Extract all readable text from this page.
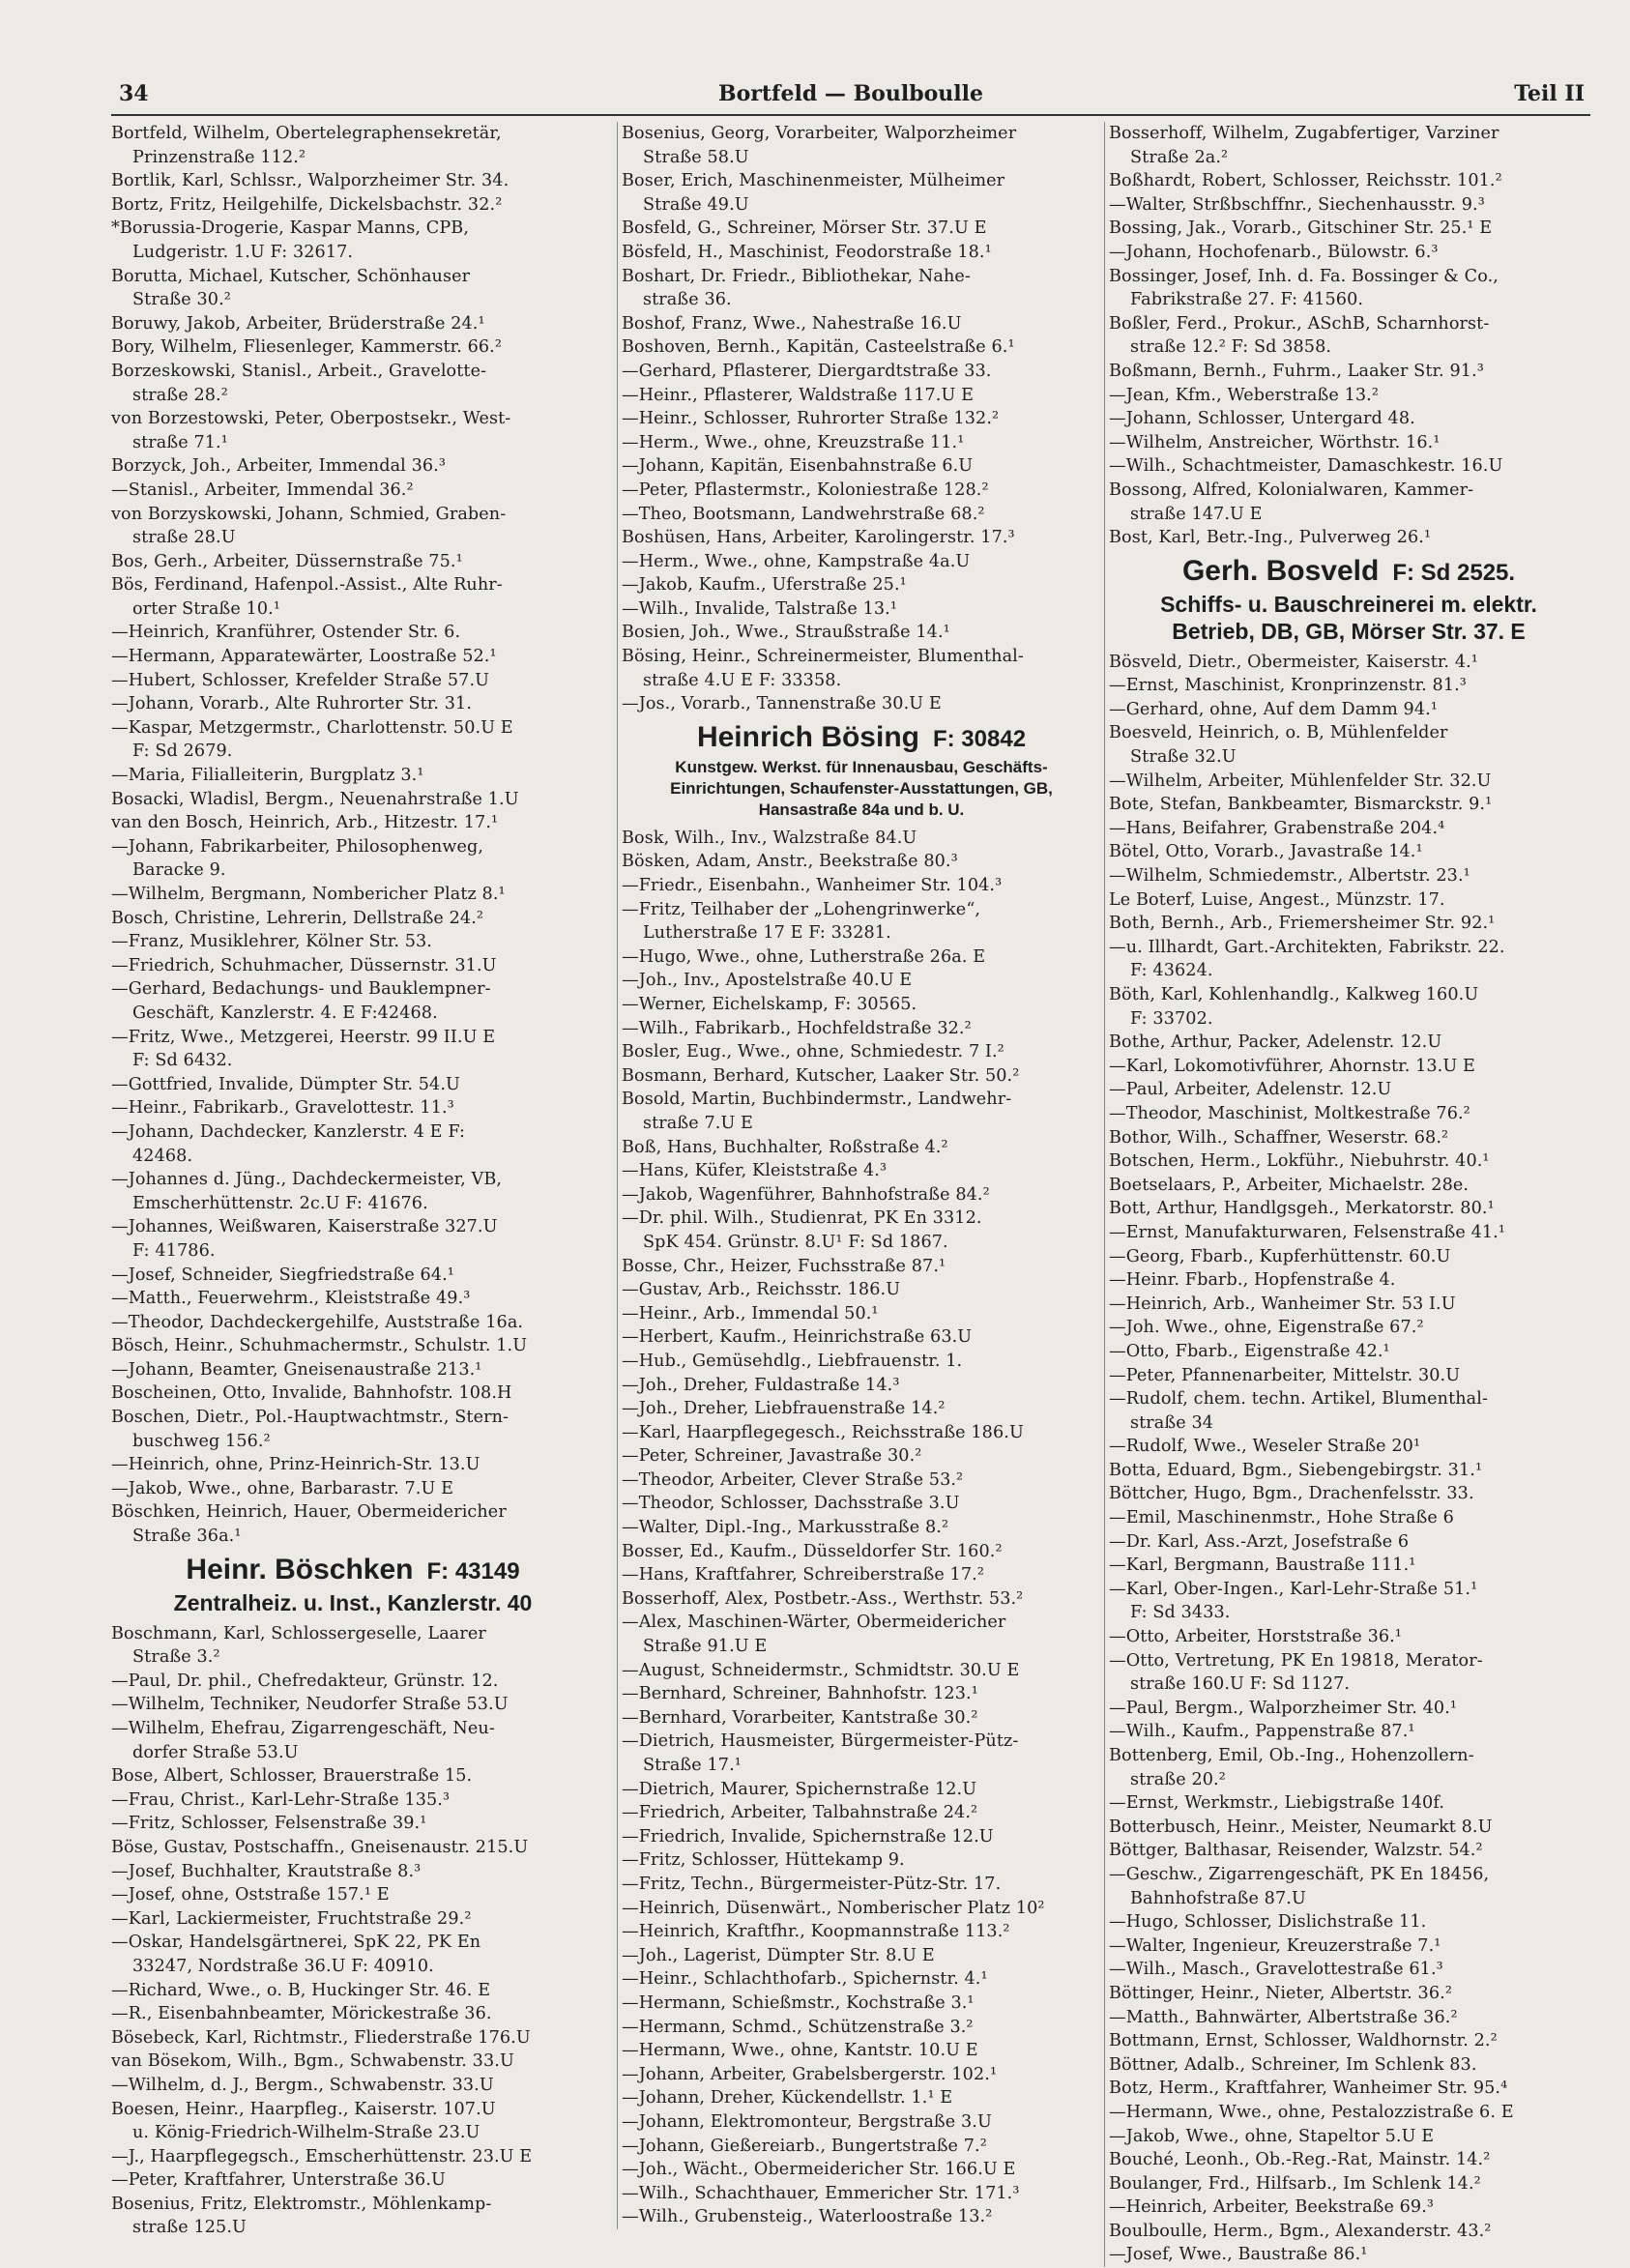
34	Bortfeld — Boulboulle	Teil II
Bortfeld, Wilhelm, Obertelegraphensekretär,
Prinzenstraße 112.²
Bortlik, Karl, Schlssr., Walporzheimer Str. 34.
Bortz, Fritz, Heilgehilfe, Dickelsbachstr. 32.²
*Borussia-Drogerie, Kaspar Manns, CPB,
Ludgeristr. 1.U F: 32617.
Borutta, Michael, Kutscher, Schönhauser
Straße 30.²
Boruwy, Jakob, Arbeiter, Brüderstraße 24.¹
Bory, Wilhelm, Fliesenleger, Kammerstr. 66.²
Borzeskowski, Stanisl., Arbeit., Gravelotte-
straße 28.²
von Borzestowski, Peter, Oberpostsekr., West-
straße 71.¹
Borzyck, Joh., Arbeiter, Immendal 36.³
—Stanisl., Arbeiter, Immendal 36.²
von Borzyskowski, Johann, Schmied, Graben-
straße 28.U
Bos, Gerh., Arbeiter, Düssernstraße 75.¹
Bös, Ferdinand, Hafenpol.-Assist., Alte Ruhr-
orter Straße 10.¹
—Heinrich, Kranführer, Ostender Str. 6.
—Hermann, Apparatewärter, Loostraße 52.¹
—Hubert, Schlosser, Krefelder Straße 57.U
—Johann, Vorarb., Alte Ruhrorter Str. 31.
—Kaspar, Metzgermstr., Charlottenstr. 50.U E
F: Sd 2679.
—Maria, Filialleiterin, Burgplatz 3.¹
Bosacki, Wladisl, Bergm., Neuenahrstraße 1.U
van den Bosch, Heinrich, Arb., Hitzestr. 17.¹
—Johann, Fabrikarbeiter, Philosophenweg,
Baracke 9.
—Wilhelm, Bergmann, Nombericher Platz 8.¹
Bosch, Christine, Lehrerin, Dellstraße 24.²
—Franz, Musiklehrer, Kölner Str. 53.
—Friedrich, Schuhmacher, Düssernstr. 31.U
—Gerhard, Bedachungs- und Bauklempner-
Geschäft, Kanzlerstr. 4. E F:42468.
—Fritz, Wwe., Metzgerei, Heerstr. 99 II.U E
F: Sd 6432.
—Gottfried, Invalide, Dümpter Str. 54.U
—Heinr., Fabrikarb., Gravelottestr. 11.³
—Johann, Dachdecker, Kanzlerstr. 4 E F:
42468.
—Johannes d. Jüng., Dachdeckermeister, VB,
Emscherhüttenstr. 2c.U F: 41676.
—Johannes, Weißwaren, Kaiserstraße 327.U
F: 41786.
—Josef, Schneider, Siegfriedstraße 64.¹
—Matth., Feuerwehrm., Kleiststraße 49.³
—Theodor, Dachdeckergehilfe, Auststraße 16a.
Bösch, Heinr., Schuhmachermstr., Schulstr. 1.U
—Johann, Beamter, Gneisenaustraße 213.¹
Boscheinen, Otto, Invalide, Bahnhofstr. 108.H
Boschen, Dietr., Pol.-Hauptwachtmstr., Stern-
buschweg 156.²
—Heinrich, ohne, Prinz-Heinrich-Str. 13.U
—Jakob, Wwe., ohne, Barbarastr. 7.U E
Böschken, Heinrich, Hauer, Obermeidericher
Straße 36a.¹
Heinr. Böschken F: 43149
Zentralheiz. u. Inst., Kanzlerstr. 40
Boschmann, Karl, Schlossergeselle, Laarer
Straße 3.²
—Paul, Dr. phil., Chefredakteur, Grünstr. 12.
—Wilhelm, Techniker, Neudorfer Straße 53.U
—Wilhelm, Ehefrau, Zigarrengeschäft, Neu-
dorfer Straße 53.U
Bose, Albert, Schlosser, Brauerstraße 15.
—Frau, Christ., Karl-Lehr-Straße 135.³
—Fritz, Schlosser, Felsenstraße 39.¹
Böse, Gustav, Postschaffn., Gneisenaustr. 215.U
—Josef, Buchhalter, Krautstraße 8.³
—Josef, ohne, Oststraße 157.¹ E
—Karl, Lackiermeister, Fruchtstraße 29.²
—Oskar, Handelsgärtnerei, SpK 22, PK En
33247, Nordstraße 36.U F: 40910.
—Richard, Wwe., o. B, Huckinger Str. 46. E
—R., Eisenbahnbeamter, Mörickestraße 36.
Bösebeck, Karl, Richtmstr., Fliederstraße 176.U
van Bösekom, Wilh., Bgm., Schwabenstr. 33.U
—Wilhelm, d. J., Bergm., Schwabenstr. 33.U
Boesen, Heinr., Haarpfleg., Kaiserstr. 107.U
u. König-Friedrich-Wilhelm-Straße 23.U
—J., Haarpflegegsch., Emscherhüttenstr. 23.U E
—Peter, Kraftfahrer, Unterstraße 36.U
Bosenius, Fritz, Elektromstr., Möhlenkamp-
straße 125.U
Bosenius, Georg, Vorarbeiter, Walporzheimer
Straße 58.U
Boser, Erich, Maschinenmeister, Mülheimer
Straße 49.U
Bosfeld, G., Schreiner, Mörser Str. 37.U E
Bösfeld, H., Maschinist, Feodorstraße 18.¹
Boshart, Dr. Friedr., Bibliothekar, Nahe-
straße 36.
Boshof, Franz, Wwe., Nahestraße 16.U
Boshoven, Bernh., Kapitän, Casteelstraße 6.¹
—Gerhard, Pflasterer, Diergardtstraße 33.
—Heinr., Pflasterer, Waldstraße 117.U E
—Heinr., Schlosser, Ruhrorter Straße 132.²
—Herm., Wwe., ohne, Kreuzstraße 11.¹
—Johann, Kapitän, Eisenbahnstraße 6.U
—Peter, Pflastermstr., Koloniestraße 128.²
—Theo, Bootsmann, Landwehrstraße 68.²
Boshüsen, Hans, Arbeiter, Karolingerstr. 17.³
—Herm., Wwe., ohne, Kampstraße 4a.U
—Jakob, Kaufm., Uferstraße 25.¹
—Wilh., Invalide, Talstraße 13.¹
Bosien, Joh., Wwe., Straußstraße 14.¹
Bösing, Heinr., Schreinermeister, Blumenthal-
straße 4.U E F: 33358.
—Jos., Vorarb., Tannenstraße 30.U E
Heinrich Bösing F: 30842
Kunstgew. Werkst. für Innenausbau, Geschäfts-
Einrichtungen, Schaufenster-Ausstattungen, GB,
Hansastraße 84a und b. U.
Bosk, Wilh., Inv., Walzstraße 84.U
Bösken, Adam, Anstr., Beekstraße 80.³
—Friedr., Eisenbahn., Wanheimer Str. 104.³
—Fritz, Teilhaber der „Lohengrinwerke“,
Lutherstraße 17 E F: 33281.
—Hugo, Wwe., ohne, Lutherstraße 26a. E
—Joh., Inv., Apostelstraße 40.U E
—Werner, Eichelskamp, F: 30565.
—Wilh., Fabrikarb., Hochfeldstraße 32.²
Bosler, Eug., Wwe., ohne, Schmiedestr. 7 I.²
Bosmann, Berhard, Kutscher, Laaker Str. 50.²
Bosold, Martin, Buchbindermstr., Landwehr-
straße 7.U E
Boß, Hans, Buchhalter, Roßstraße 4.²
—Hans, Küfer, Kleiststraße 4.³
—Jakob, Wagenführer, Bahnhofstraße 84.²
—Dr. phil. Wilh., Studienrat, PK En 3312.
SpK 454. Grünstr. 8.U¹ F: Sd 1867.
Bosse, Chr., Heizer, Fuchsstraße 87.¹
—Gustav, Arb., Reichsstr. 186.U
—Heinr., Arb., Immendal 50.¹
—Herbert, Kaufm., Heinrichstraße 63.U
—Hub., Gemüsehdlg., Liebfrauenstr. 1.
—Joh., Dreher, Fuldastraße 14.³
—Joh., Dreher, Liebfrauenstraße 14.²
—Karl, Haarpflegegesch., Reichsstraße 186.U
—Peter, Schreiner, Javastraße 30.²
—Theodor, Arbeiter, Clever Straße 53.²
—Theodor, Schlosser, Dachsstraße 3.U
—Walter, Dipl.-Ing., Markusstraße 8.²
Bosser, Ed., Kaufm., Düsseldorfer Str. 160.²
—Hans, Kraftfahrer, Schreiberstraße 17.²
Bosserhoff, Alex, Postbetr.-Ass., Werthstr. 53.²
—Alex, Maschinen-Wärter, Obermeidericher
Straße 91.U E
—August, Schneidermstr., Schmidtstr. 30.U E
—Bernhard, Schreiner, Bahnhofstr. 123.¹
—Bernhard, Vorarbeiter, Kantstraße 30.²
—Dietrich, Hausmeister, Bürgermeister-Pütz-
Straße 17.¹
—Dietrich, Maurer, Spichernstraße 12.U
—Friedrich, Arbeiter, Talbahnstraße 24.²
—Friedrich, Invalide, Spichernstraße 12.U
—Fritz, Schlosser, Hüttekamp 9.
—Fritz, Techn., Bürgermeister-Pütz-Str. 17.
—Heinrich, Düsenwärt., Nomberischer Platz 10²
—Heinrich, Kraftfhr., Koopmannstraße 113.²
—Joh., Lagerist, Dümpter Str. 8.U E
—Heinr., Schlachthofarb., Spichernstr. 4.¹
—Hermann, Schießmstr., Kochstraße 3.¹
—Hermann, Schmd., Schützenstraße 3.²
—Hermann, Wwe., ohne, Kantstr. 10.U E
—Johann, Arbeiter, Grabelsbergerstr. 102.¹
—Johann, Dreher, Kückendellstr. 1.¹ E
—Johann, Elektromonteur, Bergstraße 3.U
—Johann, Gießereiarb., Bungertstraße 7.²
—Joh., Wächt., Obermeidericher Str. 166.U E
—Wilh., Schachthauer, Emmericher Str. 171.³
—Wilh., Grubensteig., Waterloostraße 13.²
Bosserhoff, Wilhelm, Zugabfertiger, Varziner
Straße 2a.²
Boßhardt, Robert, Schlosser, Reichsstr. 101.²
—Walter, Strßbschffnr., Siechenhausstr. 9.³
Bossing, Jak., Vorarb., Gitschiner Str. 25.¹ E
—Johann, Hochofenarb., Bülowstr. 6.³
Bossinger, Josef, Inh. d. Fa. Bossinger & Co.,
Fabrikstraße 27. F: 41560.
Boßler, Ferd., Prokur., ASchB, Scharnhorst-
straße 12.² F: Sd 3858.
Boßmann, Bernh., Fuhrm., Laaker Str. 91.³
—Jean, Kfm., Weberstraße 13.²
—Johann, Schlosser, Untergard 48.
—Wilhelm, Anstreicher, Wörthstr. 16.¹
—Wilh., Schachtmeister, Damaschkestr. 16.U
Bossong, Alfred, Kolonialwaren, Kammer-
straße 147.U E
Bost, Karl, Betr.-Ing., Pulverweg 26.¹
Gerh. Bosveld F: Sd 2525.
Schiffs- u. Bauschreinerei m. elektr.
Betrieb, DB, GB, Mörser Str. 37. E
Bösveld, Dietr., Obermeister, Kaiserstr. 4.¹
—Ernst, Maschinist, Kronprinzenstr. 81.³
—Gerhard, ohne, Auf dem Damm 94.¹
Boesveld, Heinrich, o. B, Mühlenfelder
Straße 32.U
—Wilhelm, Arbeiter, Mühlenfelder Str. 32.U
Bote, Stefan, Bankbeamter, Bismarckstr. 9.¹
—Hans, Beifahrer, Grabenstraße 204.⁴
Bötel, Otto, Vorarb., Javastraße 14.¹
—Wilhelm, Schmiedemstr., Albertstr. 23.¹
Le Boterf, Luise, Angest., Münzstr. 17.
Both, Bernh., Arb., Friemersheimer Str. 92.¹
—u. Illhardt, Gart.-Architekten, Fabrikstr. 22.
F: 43624.
Böth, Karl, Kohlenhandlg., Kalkweg 160.U
F: 33702.
Bothe, Arthur, Packer, Adelenstr. 12.U
—Karl, Lokomotivführer, Ahornstr. 13.U E
—Paul, Arbeiter, Adelenstr. 12.U
—Theodor, Maschinist, Moltkestraße 76.²
Bothor, Wilh., Schaffner, Weserstr. 68.²
Botschen, Herm., Lokführ., Niebuhrstr. 40.¹
Boetselaars, P., Arbeiter, Michaelstr. 28e.
Bott, Arthur, Handlgsgeh., Merkatorstr. 80.¹
—Ernst, Manufakturwaren, Felsenstraße 41.¹
—Georg, Fbarb., Kupferhüttenstr. 60.U
—Heinr. Fbarb., Hopfenstraße 4.
—Heinrich, Arb., Wanheimer Str. 53 I.U
—Joh. Wwe., ohne, Eigenstraße 67.²
—Otto, Fbarb., Eigenstraße 42.¹
—Peter, Pfannenarbeiter, Mittelstr. 30.U
—Rudolf, chem. techn. Artikel, Blumenthal-
straße 34
—Rudolf, Wwe., Weseler Straße 20¹
Botta, Eduard, Bgm., Siebengebirgstr. 31.¹
Böttcher, Hugo, Bgm., Drachenfelsstr. 33.
—Emil, Maschinenmstr., Hohe Straße 6
—Dr. Karl, Ass.-Arzt, Josefstraße 6
—Karl, Bergmann, Baustraße 111.¹
—Karl, Ober-Ingen., Karl-Lehr-Straße 51.¹
F: Sd 3433.
—Otto, Arbeiter, Horststraße 36.¹
—Otto, Vertretung, PK En 19818, Merator-
straße 160.U F: Sd 1127.
—Paul, Bergm., Walporzheimer Str. 40.¹
—Wilh., Kaufm., Pappenstraße 87.¹
Bottenberg, Emil, Ob.-Ing., Hohenzollern-
straße 20.²
—Ernst, Werkmstr., Liebigstraße 140f.
Botterbusch, Heinr., Meister, Neumarkt 8.U
Böttger, Balthasar, Reisender, Walzstr. 54.²
—Geschw., Zigarrengeschäft, PK En 18456,
Bahnhofstraße 87.U
—Hugo, Schlosser, Dislichstraße 11.
—Walter, Ingenieur, Kreuzerstraße 7.¹
—Wilh., Masch., Gravelottestraße 61.³
Böttinger, Heinr., Nieter, Albertstr. 36.²
—Matth., Bahnwärter, Albertstraße 36.²
Bottmann, Ernst, Schlosser, Waldhornstr. 2.²
Böttner, Adalb., Schreiner, Im Schlenk 83.
Botz, Herm., Kraftfahrer, Wanheimer Str. 95.⁴
—Hermann, Wwe., ohne, Pestalozzistraße 6. E
—Jakob, Wwe., ohne, Stapeltor 5.U E
Bouché, Leonh., Ob.-Reg.-Rat, Mainstr. 14.²
Boulanger, Frd., Hilfsarb., Im Schlenk 14.²
—Heinrich, Arbeiter, Beekstraße 69.³
Boulboulle, Herm., Bgm., Alexanderstr. 43.²
—Josef, Wwe., Baustraße 86.¹
